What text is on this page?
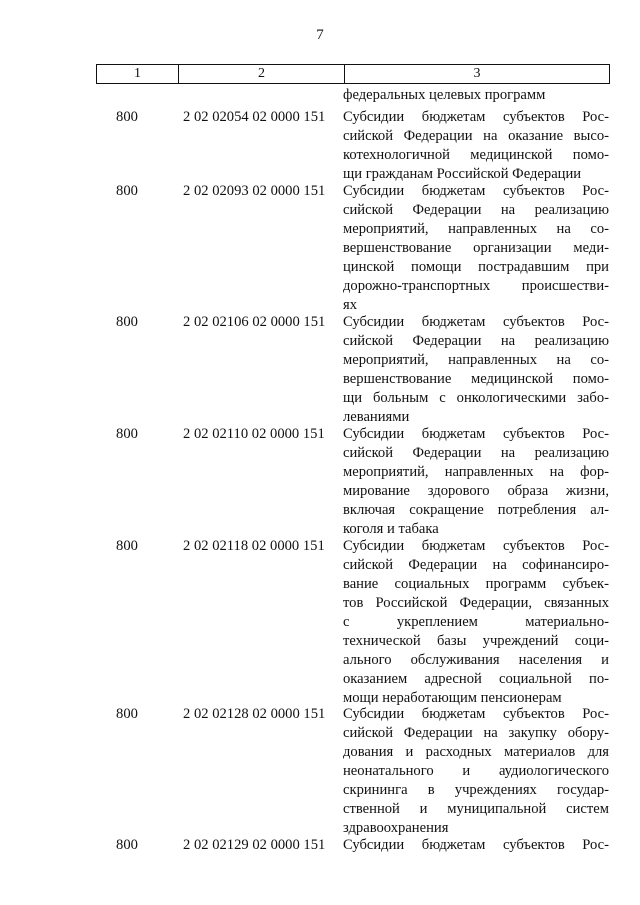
7
1	2	3
федеральных целевых программ
800	2 02 02054 02 0000 151	Субсидии бюджетам субъектов Рос-
сийской Федерации на оказание высо-
котехнологичной медицинской помо-
щи гражданам Российской Федерации
800	2 02 02093 02 0000 151	Субсидии бюджетам субъектов Рос-
сийской Федерации на реализацию
мероприятий, направленных на со-
вершенствование организации меди-
цинской помощи пострадавшим при
дорожно-транспортных происшестви-
ях
800	2 02 02106 02 0000 151	Субсидии бюджетам субъектов Рос-
сийской Федерации на реализацию
мероприятий, направленных на со-
вершенствование медицинской помо-
щи больным с онкологическими забо-
леваниями
800	2 02 02110 02 0000 151	Субсидии бюджетам субъектов Рос-
сийской Федерации на реализацию
мероприятий, направленных на фор-
мирование здорового образа жизни,
включая сокращение потребления ал-
коголя и табака
800	2 02 02118 02 0000 151	Субсидии бюджетам субъектов Рос-
сийской Федерации на софинансиро-
вание социальных программ субъек-
тов Российской Федерации, связанных
с укреплением материально-
технической базы учреждений соци-
ального обслуживания населения и
оказанием адресной социальной по-
мощи неработающим пенсионерам
800	2 02 02128 02 0000 151	Субсидии бюджетам субъектов Рос-
сийской Федерации на закупку обору-
дования и расходных материалов для
неонатального и аудиологического
скрининга в учреждениях государ-
ственной и муниципальной систем
здравоохранения
800	2 02 02129 02 0000 151	Субсидии бюджетам субъектов Рос-
